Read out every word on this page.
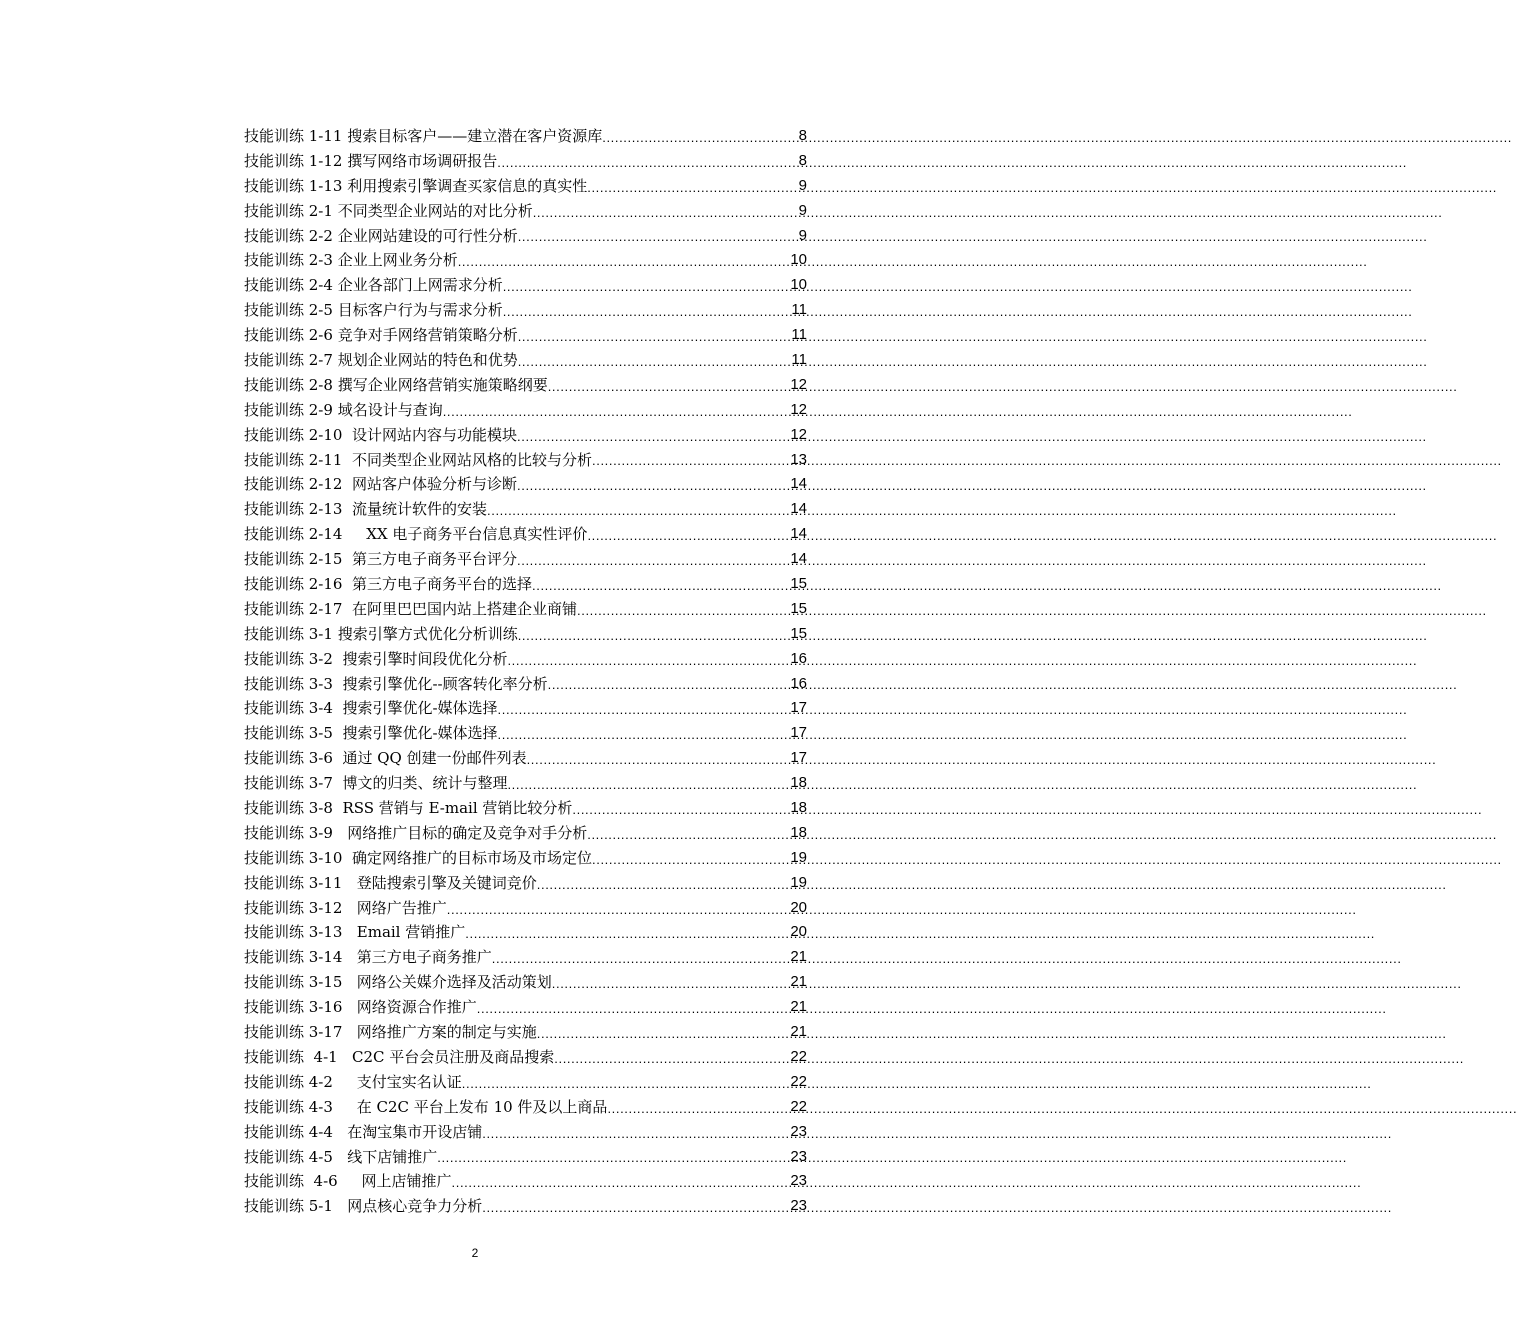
技能训练 1-11 搜索目标客户——建立潜在客户资源库 .....	8
技能训练 1-12 撰写网络市场调研报告 .....	8
技能训练 1-13 利用搜索引擎调查买家信息的真实性 .....	9
技能训练 2-1 不同类型企业网站的对比分析 .....	9
技能训练 2-2 企业网站建设的可行性分析 .....	9
技能训练 2-3 企业上网业务分析 .....	10
技能训练 2-4 企业各部门上网需求分析 .....	10
技能训练 2-5 目标客户行为与需求分析 .....	11
技能训练 2-6 竞争对手网络营销策略分析 .....	11
技能训练 2-7 规划企业网站的特色和优势 .....	11
技能训练 2-8 撰写企业网络营销实施策略纲要 .....	12
技能训练 2-9 域名设计与查询 .....	12
技能训练 2-10  设计网站内容与功能模块 .....	12
技能训练 2-11  不同类型企业网站风格的比较与分析 .....	13
技能训练 2-12  网站客户体验分析与诊断 .....	14
技能训练 2-13  流量统计软件的安装 .....	14
技能训练 2-14     XX 电子商务平台信息真实性评价 .....	14
技能训练 2-15  第三方电子商务平台评分 .....	14
技能训练 2-16  第三方电子商务平台的选择 .....	15
技能训练 2-17  在阿里巴巴国内站上搭建企业商铺 .....	15
技能训练 3-1 搜索引擎方式优化分析训练 .....	15
技能训练 3-2  搜索引擎时间段优化分析 .....	16
技能训练 3-3  搜索引擎优化--顾客转化率分析 .....	16
技能训练 3-4  搜索引擎优化-媒体选择 .....	17
技能训练 3-5  搜索引擎优化-媒体选择 .....	17
技能训练 3-6  通过 QQ 创建一份邮件列表 .....	17
技能训练 3-7  博文的归类、统计与整理 .....	18
技能训练 3-8  RSS 营销与 E-mail 营销比较分析 .....	18
技能训练 3-9   网络推广目标的确定及竞争对手分析 .....	18
技能训练 3-10  确定网络推广的目标市场及市场定位 .....	19
技能训练 3-11   登陆搜索引擎及关键词竞价 .....	19
技能训练 3-12   网络广告推广 .....	20
技能训练 3-13   Email 营销推广 .....	20
技能训练 3-14   第三方电子商务推广 .....	21
技能训练 3-15   网络公关媒介选择及活动策划 .....	21
技能训练 3-16   网络资源合作推广 .....	21
技能训练 3-17   网络推广方案的制定与实施 .....	21
技能训练  4-1   C2C 平台会员注册及商品搜索 .....	22
技能训练 4-2     支付宝实名认证 .....	22
技能训练 4-3     在 C2C 平台上发布 10 件及以上商品 .....	22
技能训练 4-4   在淘宝集市开设店铺 .....	23
技能训练 4-5   线下店铺推广 .....	23
技能训练  4-6     网上店铺推广 .....	23
技能训练 5-1   网点核心竞争力分析 .....	23
2
